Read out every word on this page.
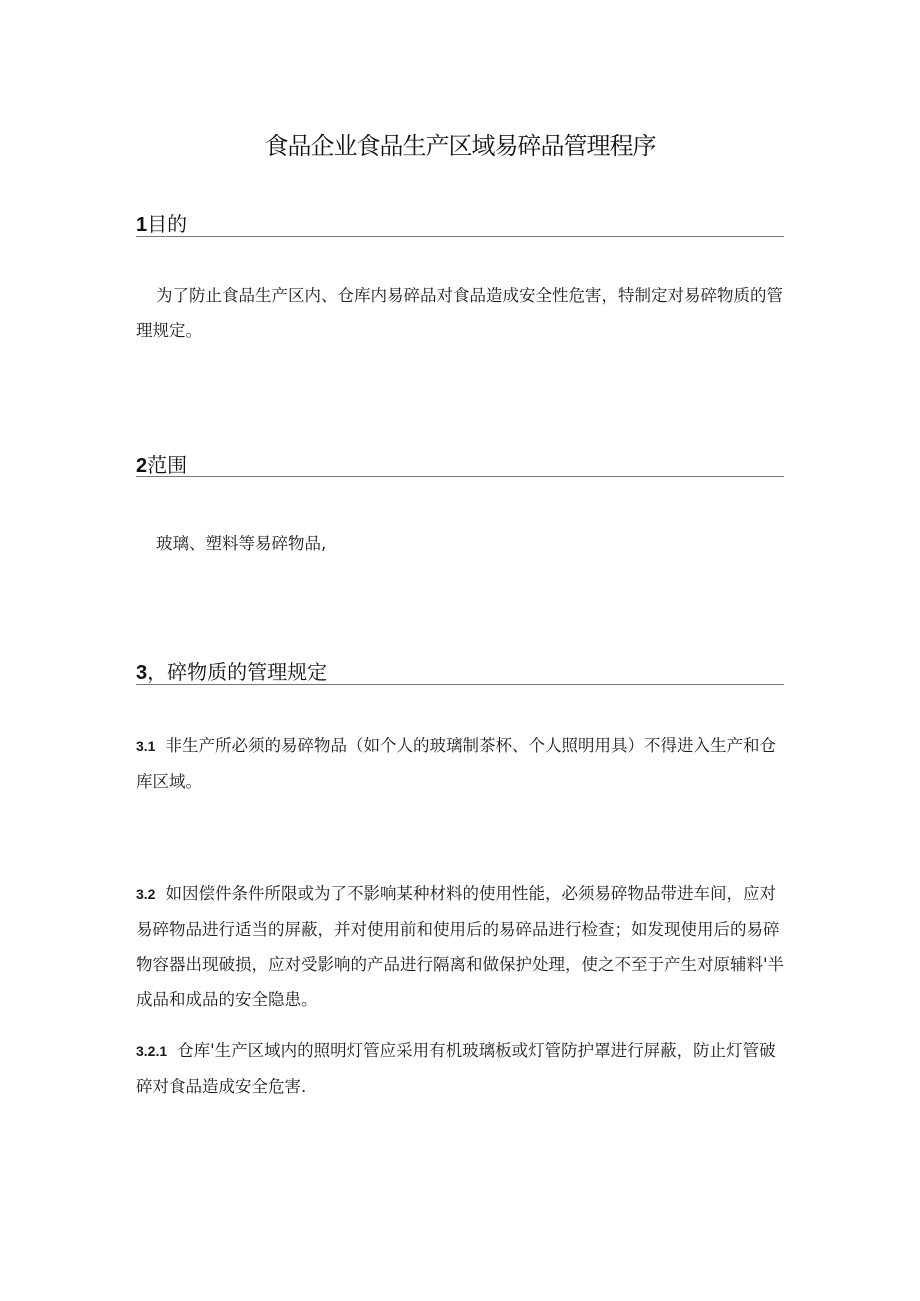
食品企业食品生产区域易碎品管理程序
1目的
为了防止食品生产区内、仓库内易碎品对食品造成安全性危害，特制定对易碎物质的管理规定。
2范围
玻璃、塑料等易碎物品,
3，碎物质的管理规定
3.1 非生产所必须的易碎物品（如个人的玻璃制茶杯、个人照明用具）不得进入生产和仓库区域。
3.2 如因偿件条件所限或为了不影响某种材料的使用性能，必须易碎物品带进车间，应对易碎物品进行适当的屏蔽，并对使用前和使用后的易碎品进行检查；如发现使用后的易碎物容器出现破损，应对受影响的产品进行隔离和做保护处理，使之不至于产生对原辅料'半成品和成品的安全隐患。
3.2.1 仓库'生产区域内的照明灯管应采用有机玻璃板或灯管防护罩进行屏蔽，防止灯管破碎对食品造成安全危害.
